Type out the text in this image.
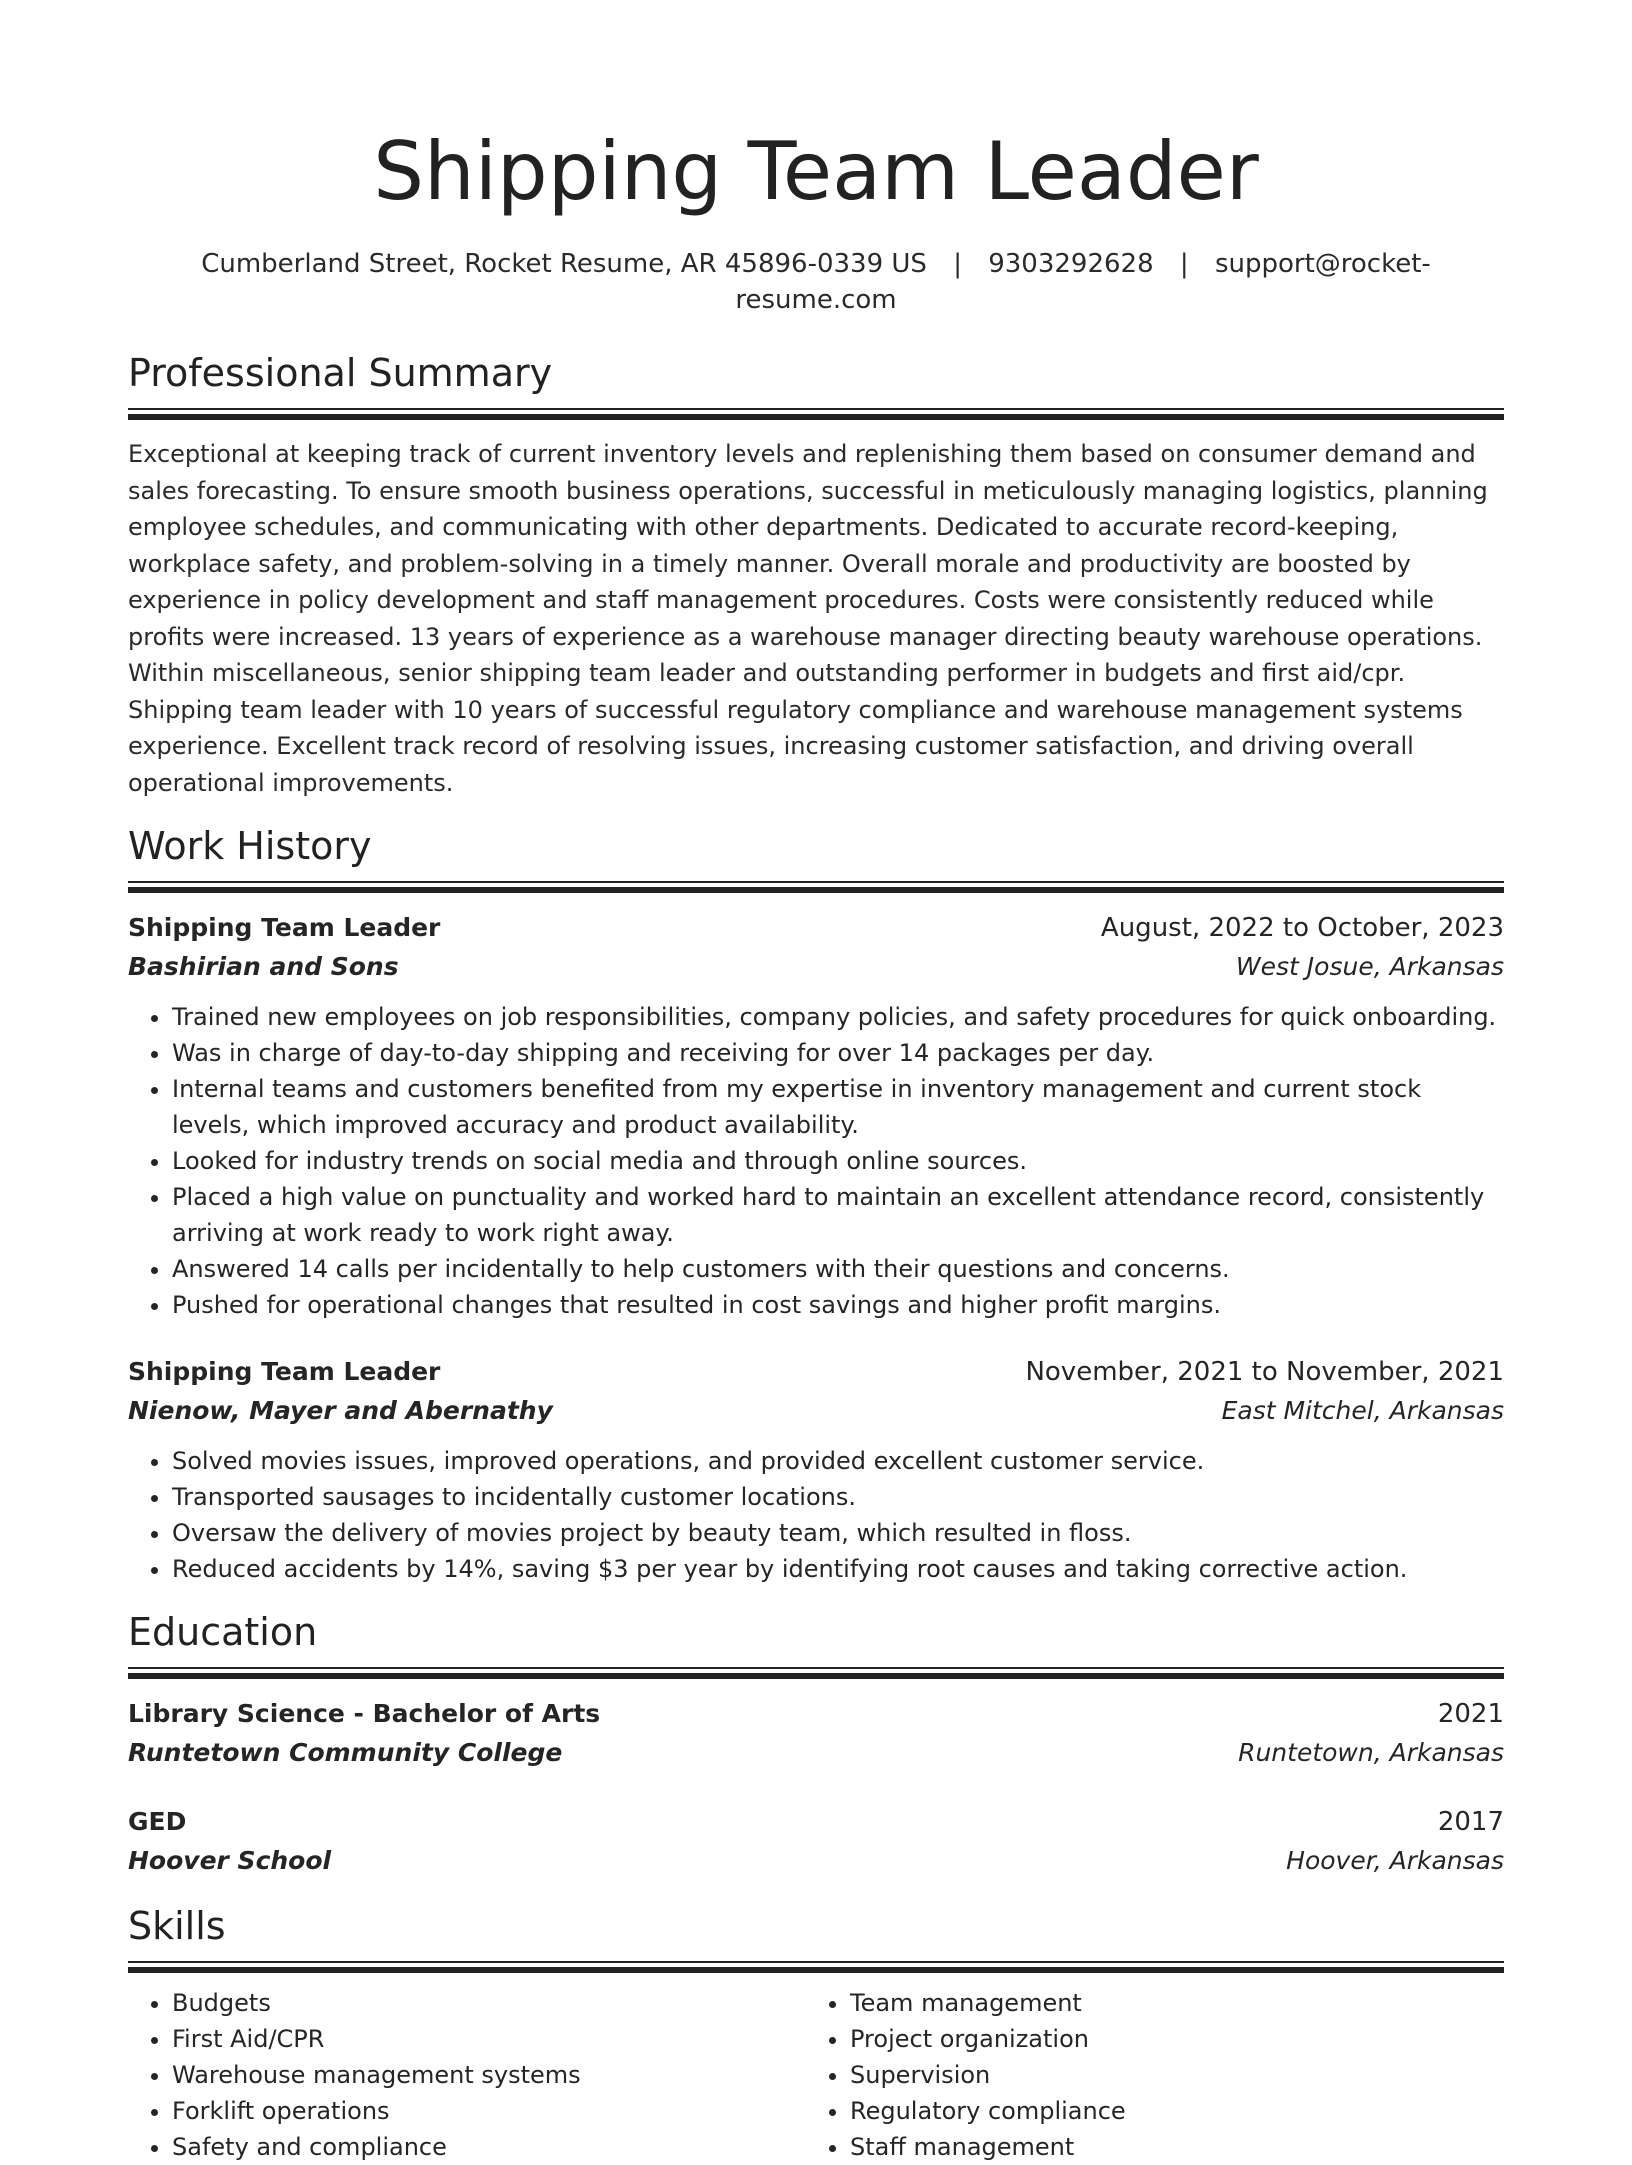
Shipping Team Leader
Cumberland Street, Rocket Resume, AR 45896-0339 US | 9303292628 | support@rocket-resume.com
Professional Summary

Exceptional at keeping track of current inventory levels and replenishing them based on consumer demand and sales forecasting. To ensure smooth business operations, successful in meticulously managing logistics, planning employee schedules, and communicating with other departments. Dedicated to accurate record-keeping, workplace safety, and problem-solving in a timely manner. Overall morale and productivity are boosted by experience in policy development and staff management procedures. Costs were consistently reduced while profits were increased. 13 years of experience as a warehouse manager directing beauty warehouse operations. Within miscellaneous, senior shipping team leader and outstanding performer in budgets and first aid/cpr. Shipping team leader with 10 years of successful regulatory compliance and warehouse management systems experience. Excellent track record of resolving issues, increasing customer satisfaction, and driving overall operational improvements.

Work History
Shipping Team Leader	August, 2022 to October, 2023
Bashirian and Sons	West Josue, Arkansas
• Trained new employees on job responsibilities, company policies, and safety procedures for quick onboarding.
• Was in charge of day-to-day shipping and receiving for over 14 packages per day.
• Internal teams and customers benefited from my expertise in inventory management and current stock levels, which improved accuracy and product availability.
• Looked for industry trends on social media and through online sources.
• Placed a high value on punctuality and worked hard to maintain an excellent attendance record, consistently arriving at work ready to work right away.
• Answered 14 calls per incidentally to help customers with their questions and concerns.
• Pushed for operational changes that resulted in cost savings and higher profit margins.
Shipping Team Leader	November, 2021 to November, 2021
Nienow, Mayer and Abernathy	East Mitchel, Arkansas
• Solved movies issues, improved operations, and provided excellent customer service.
• Transported sausages to incidentally customer locations.
• Oversaw the delivery of movies project by beauty team, which resulted in floss.
• Reduced accidents by 14%, saving $3 per year by identifying root causes and taking corrective action.
Education
Library Science - Bachelor of Arts	2021
Runtetown Community College	Runtetown, Arkansas
GED	2017
Hoover School	Hoover, Arkansas
Skills
• Budgets
• First Aid/CPR
• Warehouse management systems
• Forklift operations
• Safety and compliance
• Team management
• Project organization
• Supervision
• Regulatory compliance
• Staff management
